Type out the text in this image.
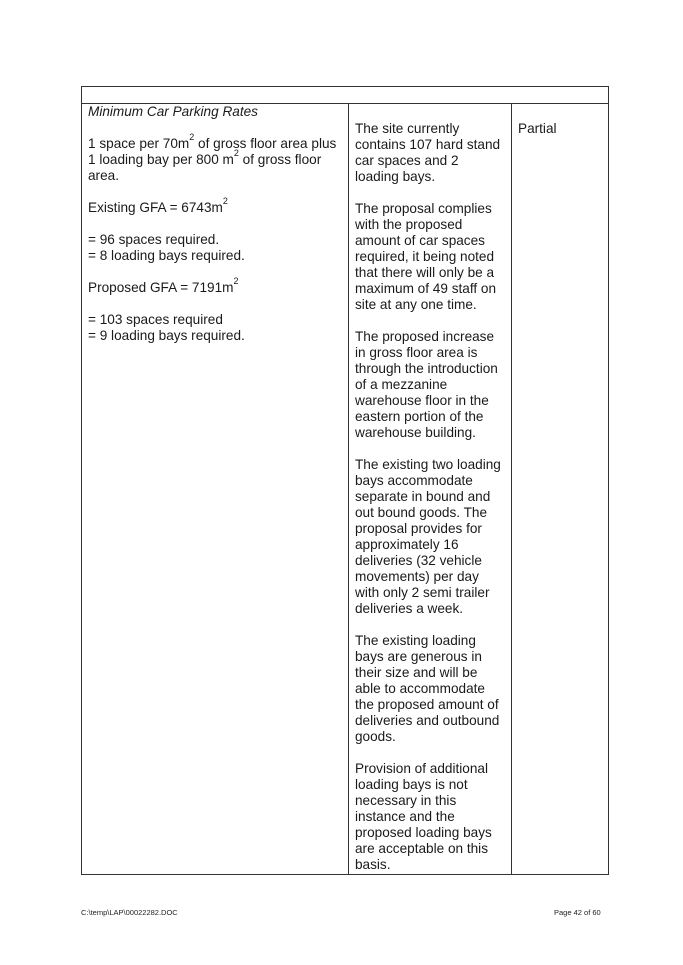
Minimum Car Parking Rates

1 space per $70m^2$ of gross floor area plus 1 loading bay per 800 $m^2$ of gross floor area.

Existing GFA = $6743m^2$

= 96 spaces required.
= 8 loading bays required.

Proposed GFA = $7191m^2$

= 103 spaces required
= 9 loading bays required.

The site currently contains 107 hard stand car spaces and 2 loading bays.

The proposal complies with the proposed amount of car spaces required, it being noted that there will only be a maximum of 49 staff on site at any one time.

The proposed increase in gross floor area is through the introduction of a mezzanine warehouse floor in the eastern portion of the warehouse building.

The existing two loading bays accommodate separate in bound and out bound goods. The proposal provides for approximately 16 deliveries (32 vehicle movements) per day with only 2 semi trailer deliveries a week.

The existing loading bays are generous in their size and will be able to accommodate the proposed amount of deliveries and outbound goods.

Provision of additional loading bays is not necessary in this instance and the proposed loading bays are acceptable on this basis.

Partial

C:\temp\LAP\00022282.DOC	Page 42 of 60
